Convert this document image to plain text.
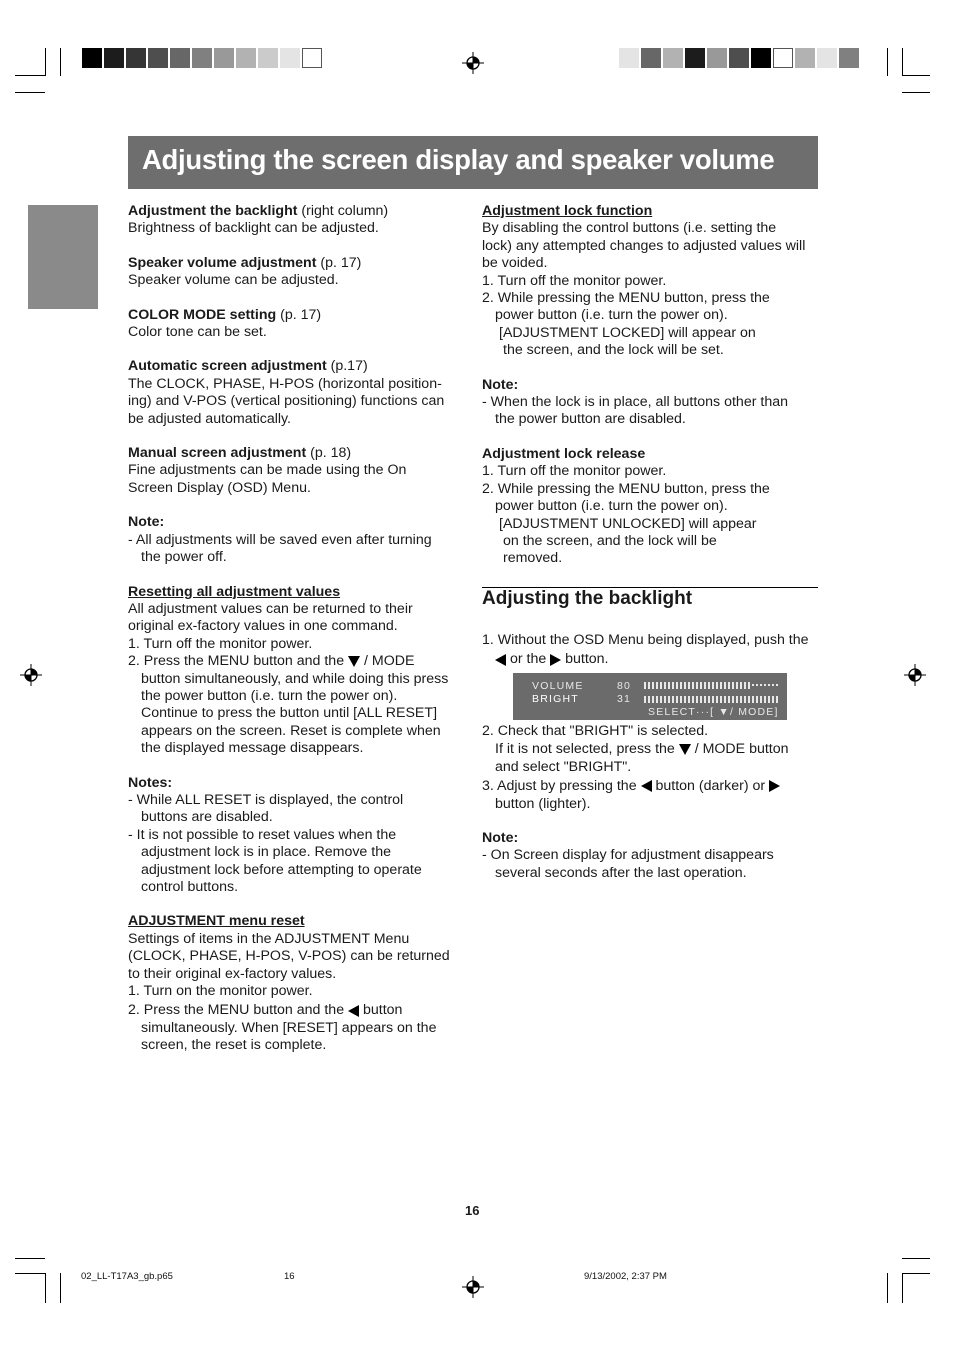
Adjusting the screen display and speaker volume

Adjustment the backlight (right column)

Brightness of backlight can be adjusted.

Speaker volume adjustment (p. 17)

Speaker volume can be adjusted.

COLOR MODE setting (p. 17)

Color tone can be set.

Automatic screen adjustment (p.17)

The CLOCK, PHASE, H-POS (horizontal position-

ing) and V-POS (vertical positioning) functions can

be adjusted automatically.

Manual screen adjustment (p. 18)

Fine adjustments can be made using the On

Screen Display (OSD) Menu.

Note:

- All adjustments will be saved even after turning

the power off.

Resetting all adjustment values

All adjustment values can be returned to their

original ex-factory values in one command.

1. Turn off the monitor power.

2. Press the MENU button and the  / MODE

button simultaneously, and while doing this press

the power button (i.e. turn the power on).

Continue to press the button until [ALL RESET]

appears on the screen. Reset is complete when

the displayed message disappears.

Notes:

- While ALL RESET is displayed, the control

buttons are disabled.

- It is not possible to reset values when the

adjustment lock is in place. Remove the

adjustment lock before attempting to operate

control buttons.

ADJUSTMENT menu reset

Settings of items in the ADJUSTMENT Menu

(CLOCK, PHASE, H-POS, V-POS) can be returned

to their original ex-factory values.

1. Turn on the monitor power.

2. Press the MENU button and the  button

simultaneously. When [RESET] appears on the

screen, the reset is complete.

Adjustment lock function

By disabling the control buttons (i.e. setting the

lock) any attempted changes to adjusted values will

be voided.

1. Turn off the monitor power.

2. While pressing the MENU button, press the

power button (i.e. turn the power on).

[ADJUSTMENT LOCKED] will appear on

the screen, and the lock will be set.

Note:

- When the lock is in place, all buttons other than

the power button are disabled.

Adjustment lock release

1. Turn off the monitor power.

2. While pressing the MENU button, press the

power button (i.e. turn the power on).

[ADJUSTMENT UNLOCKED] will appear

on the screen, and the lock will be

removed.

Adjusting the backlight

1. Without the OSD Menu being displayed, push the

or the  button.

VOLUME	80
BRIGHT	31
SELECT···[ ▼/ MODE]

2. Check that "BRIGHT" is selected.

If it is not selected, press the  / MODE button

and select "BRIGHT".

3. Adjust by pressing the  button (darker) or

button (lighter).

Note:

- On Screen display for adjustment disappears

several seconds after the last operation.

16
02_LL-T17A3_gb.p65	16	9/13/2002, 2:37 PM
